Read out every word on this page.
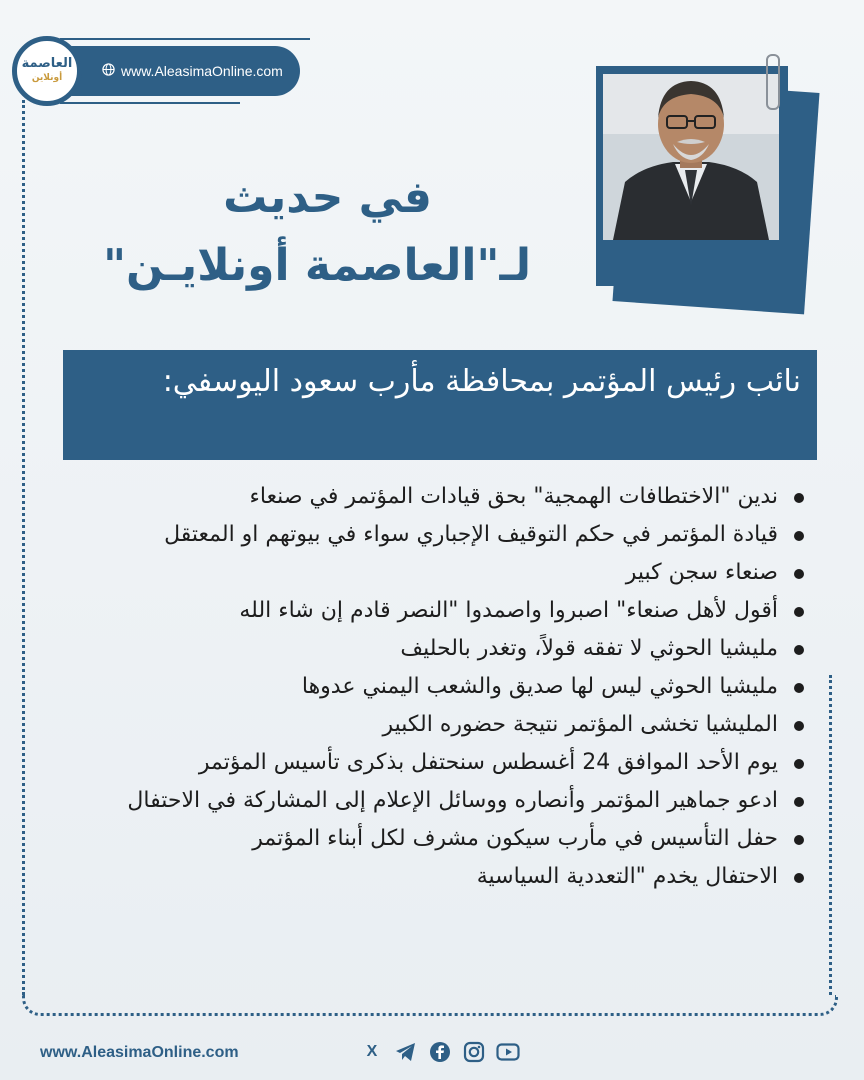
www.AleasimaOnline.com
العاصمة
أونلاين
في حديث
لـ"العاصمة أونلايـن"
نائب رئيس المؤتمر بمحافظة مأرب سعود اليوسفي:
ندين "الاختطافات الهمجية" بحق قيادات المؤتمر في صنعاء
قيادة المؤتمر في حكم التوقيف الإجباري سواء في بيوتهم او المعتقل
صنعاء سجن كبير
أقول لأهل صنعاء" اصبروا واصمدوا "النصر قادم إن شاء الله
مليشيا الحوثي لا تفقه قولاً، وتغدر بالحليف
مليشيا الحوثي ليس لها صديق والشعب اليمني عدوها
المليشيا تخشى المؤتمر نتيجة حضوره الكبير
يوم الأحد الموافق 24 أغسطس سنحتفل بذكرى تأسيس المؤتمر
ادعو جماهير المؤتمر وأنصاره ووسائل الإعلام إلى المشاركة في الاحتفال
حفل التأسيس في مأرب سيكون مشرف لكل أبناء المؤتمر
الاحتفال يخدم "التعددية السياسية
www.AleasimaOnline.com	X
